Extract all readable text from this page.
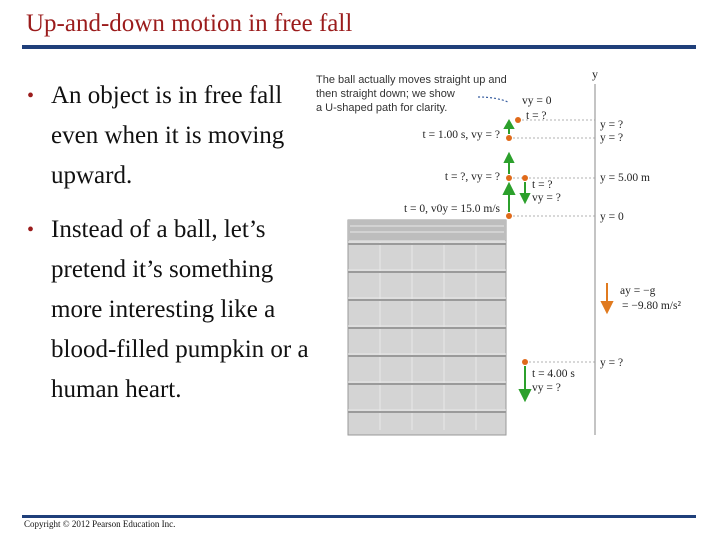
Up-and-down motion in free fall
• An object is in free fall even when it is moving upward.
• Instead of a ball, let’s pretend it’s something more interesting like a blood-filled pumpkin or a human heart.
The ball actually moves straight up and
then straight down; we show
a U-shaped path for clarity.
y
t = 1.00 s, vy = ?
t = ?, vy = ?
t = 0, v0y = 15.0 m/s
vy = 0
t = ?
t = ?
vy = ?
t = 4.00 s
vy = ?
y = ?
y = ?
y = 5.00 m
y = 0
y = ?
ay = −g
= −9.80 m/s²
Copyright © 2012 Pearson Education Inc.
